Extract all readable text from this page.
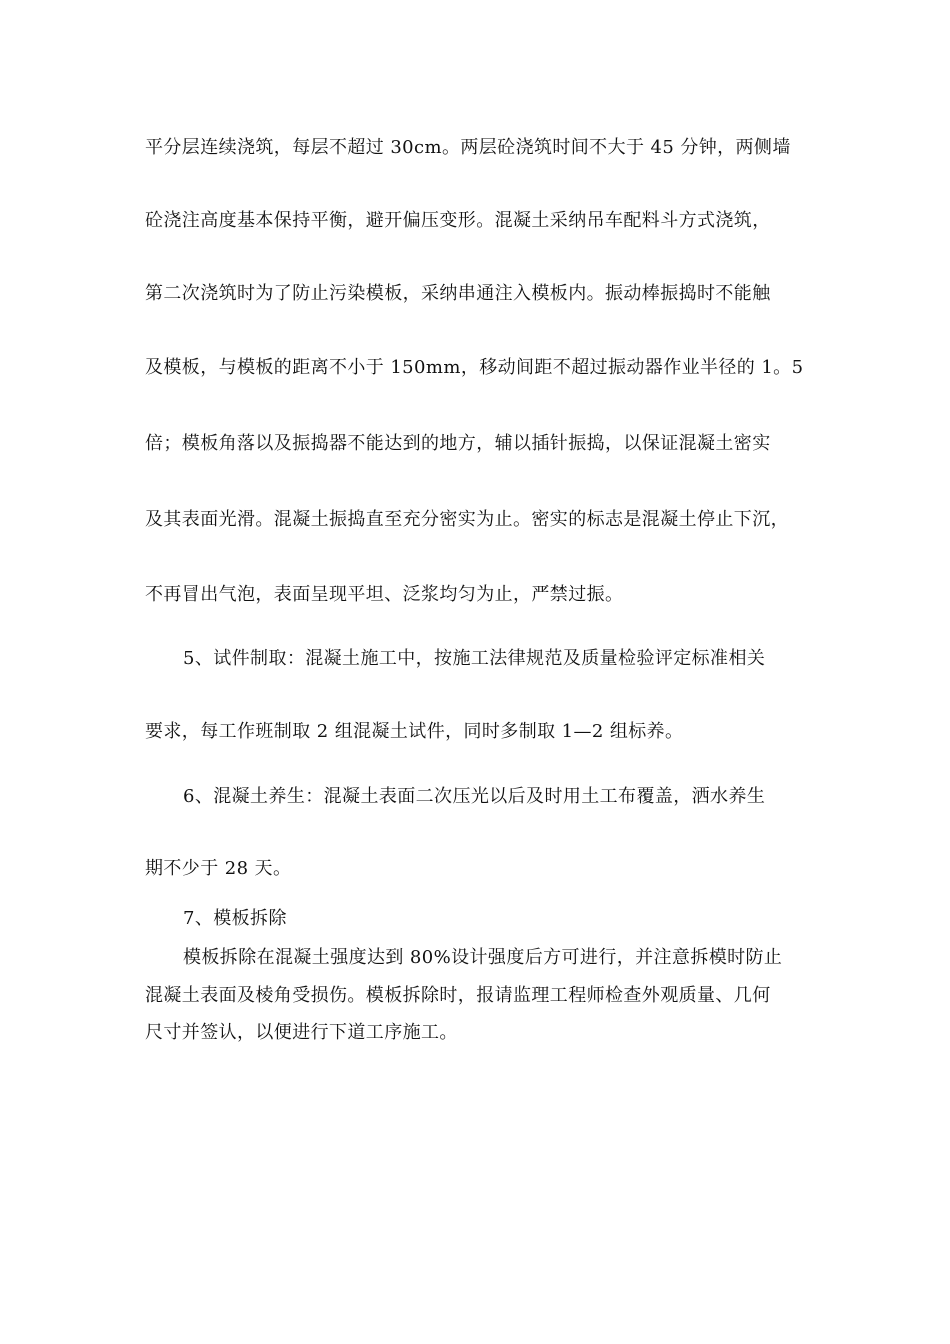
平分层连续浇筑，每层不超过 30cm。两层砼浇筑时间不大于 45 分钟，两侧墙
砼浇注高度基本保持平衡，避开偏压变形。混凝土采纳吊车配料斗方式浇筑，
第二次浇筑时为了防止污染模板，采纳串通注入模板内。振动棒振捣时不能触
及模板，与模板的距离不小于 150mm，移动间距不超过振动器作业半径的 1。5
倍；模板角落以及振捣器不能达到的地方，辅以插针振捣，以保证混凝土密实
及其表面光滑。混凝土振捣直至充分密实为止。密实的标志是混凝土停止下沉，
不再冒出气泡，表面呈现平坦、泛浆均匀为止，严禁过振。
5、试件制取：混凝土施工中，按施工法律规范及质量检验评定标准相关
要求，每工作班制取 2 组混凝土试件，同时多制取 1—2 组标养。
6、混凝土养生：混凝土表面二次压光以后及时用土工布覆盖，洒水养生
期不少于 28 天。
7、模板拆除
模板拆除在混凝土强度达到 80%设计强度后方可进行，并注意拆模时防止
混凝土表面及棱角受损伤。模板拆除时，报请监理工程师检查外观质量、几何
尺寸并签认，以便进行下道工序施工。
